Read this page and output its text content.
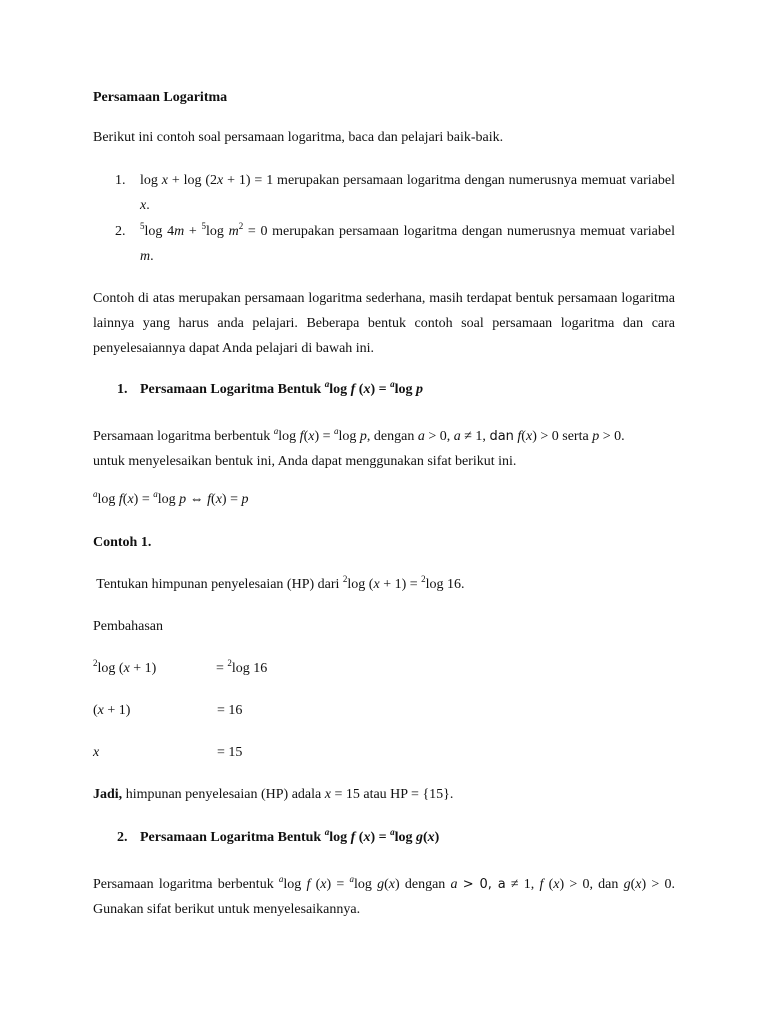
Persamaan Logaritma

Berikut ini contoh soal persamaan logaritma, baca dan pelajari baik-baik.

1. log x + log (2x + 1) = 1 merupakan persamaan logaritma dengan numerusnya memuat variabel x.

2. $^5$log 4m + $^5$log $m^2 = 0$ merupakan persamaan logaritma dengan numerusnya memuat variabel m.

Contoh di atas merupakan persamaan logaritma sederhana, masih terdapat bentuk persamaan logaritma lainnya yang harus anda pelajari. Beberapa bentuk contoh soal persamaan logaritma dan cara penyelesaiannya dapat Anda pelajari di bawah ini.

1. Persamaan Logaritma Bentuk $^a$log f (x) = $^a$log p

Persamaan logaritma berbentuk $^a$log f(x) = $^a$log p, dengan a > 0, a ≠ 1, dan f(x) > 0 serta p > 0.
untuk menyelesaikan bentuk ini, Anda dapat menggunakan sifat berikut ini.

$^a$log f(x) = $^a$log p ⇔ f(x) = p

Contoh 1.

Tentukan himpunan penyelesaian (HP) dari $^2$log (x + 1) = $^2$log 16.

Pembahasan

$^2$log (x + 1)	= $^2$log 16

(x + 1)	= 16

x	= 15

Jadi, himpunan penyelesaian (HP) adala x = 15 atau HP = {15}.

2. Persamaan Logaritma Bentuk $^a$log f (x) = $^a$log g(x)

Persamaan logaritma berbentuk $^a$log f (x) = $^a$log g(x) dengan a > 0, a ≠ 1, f (x) > 0, dan g(x) > 0. Gunakan sifat berikut untuk menyelesaikannya.
